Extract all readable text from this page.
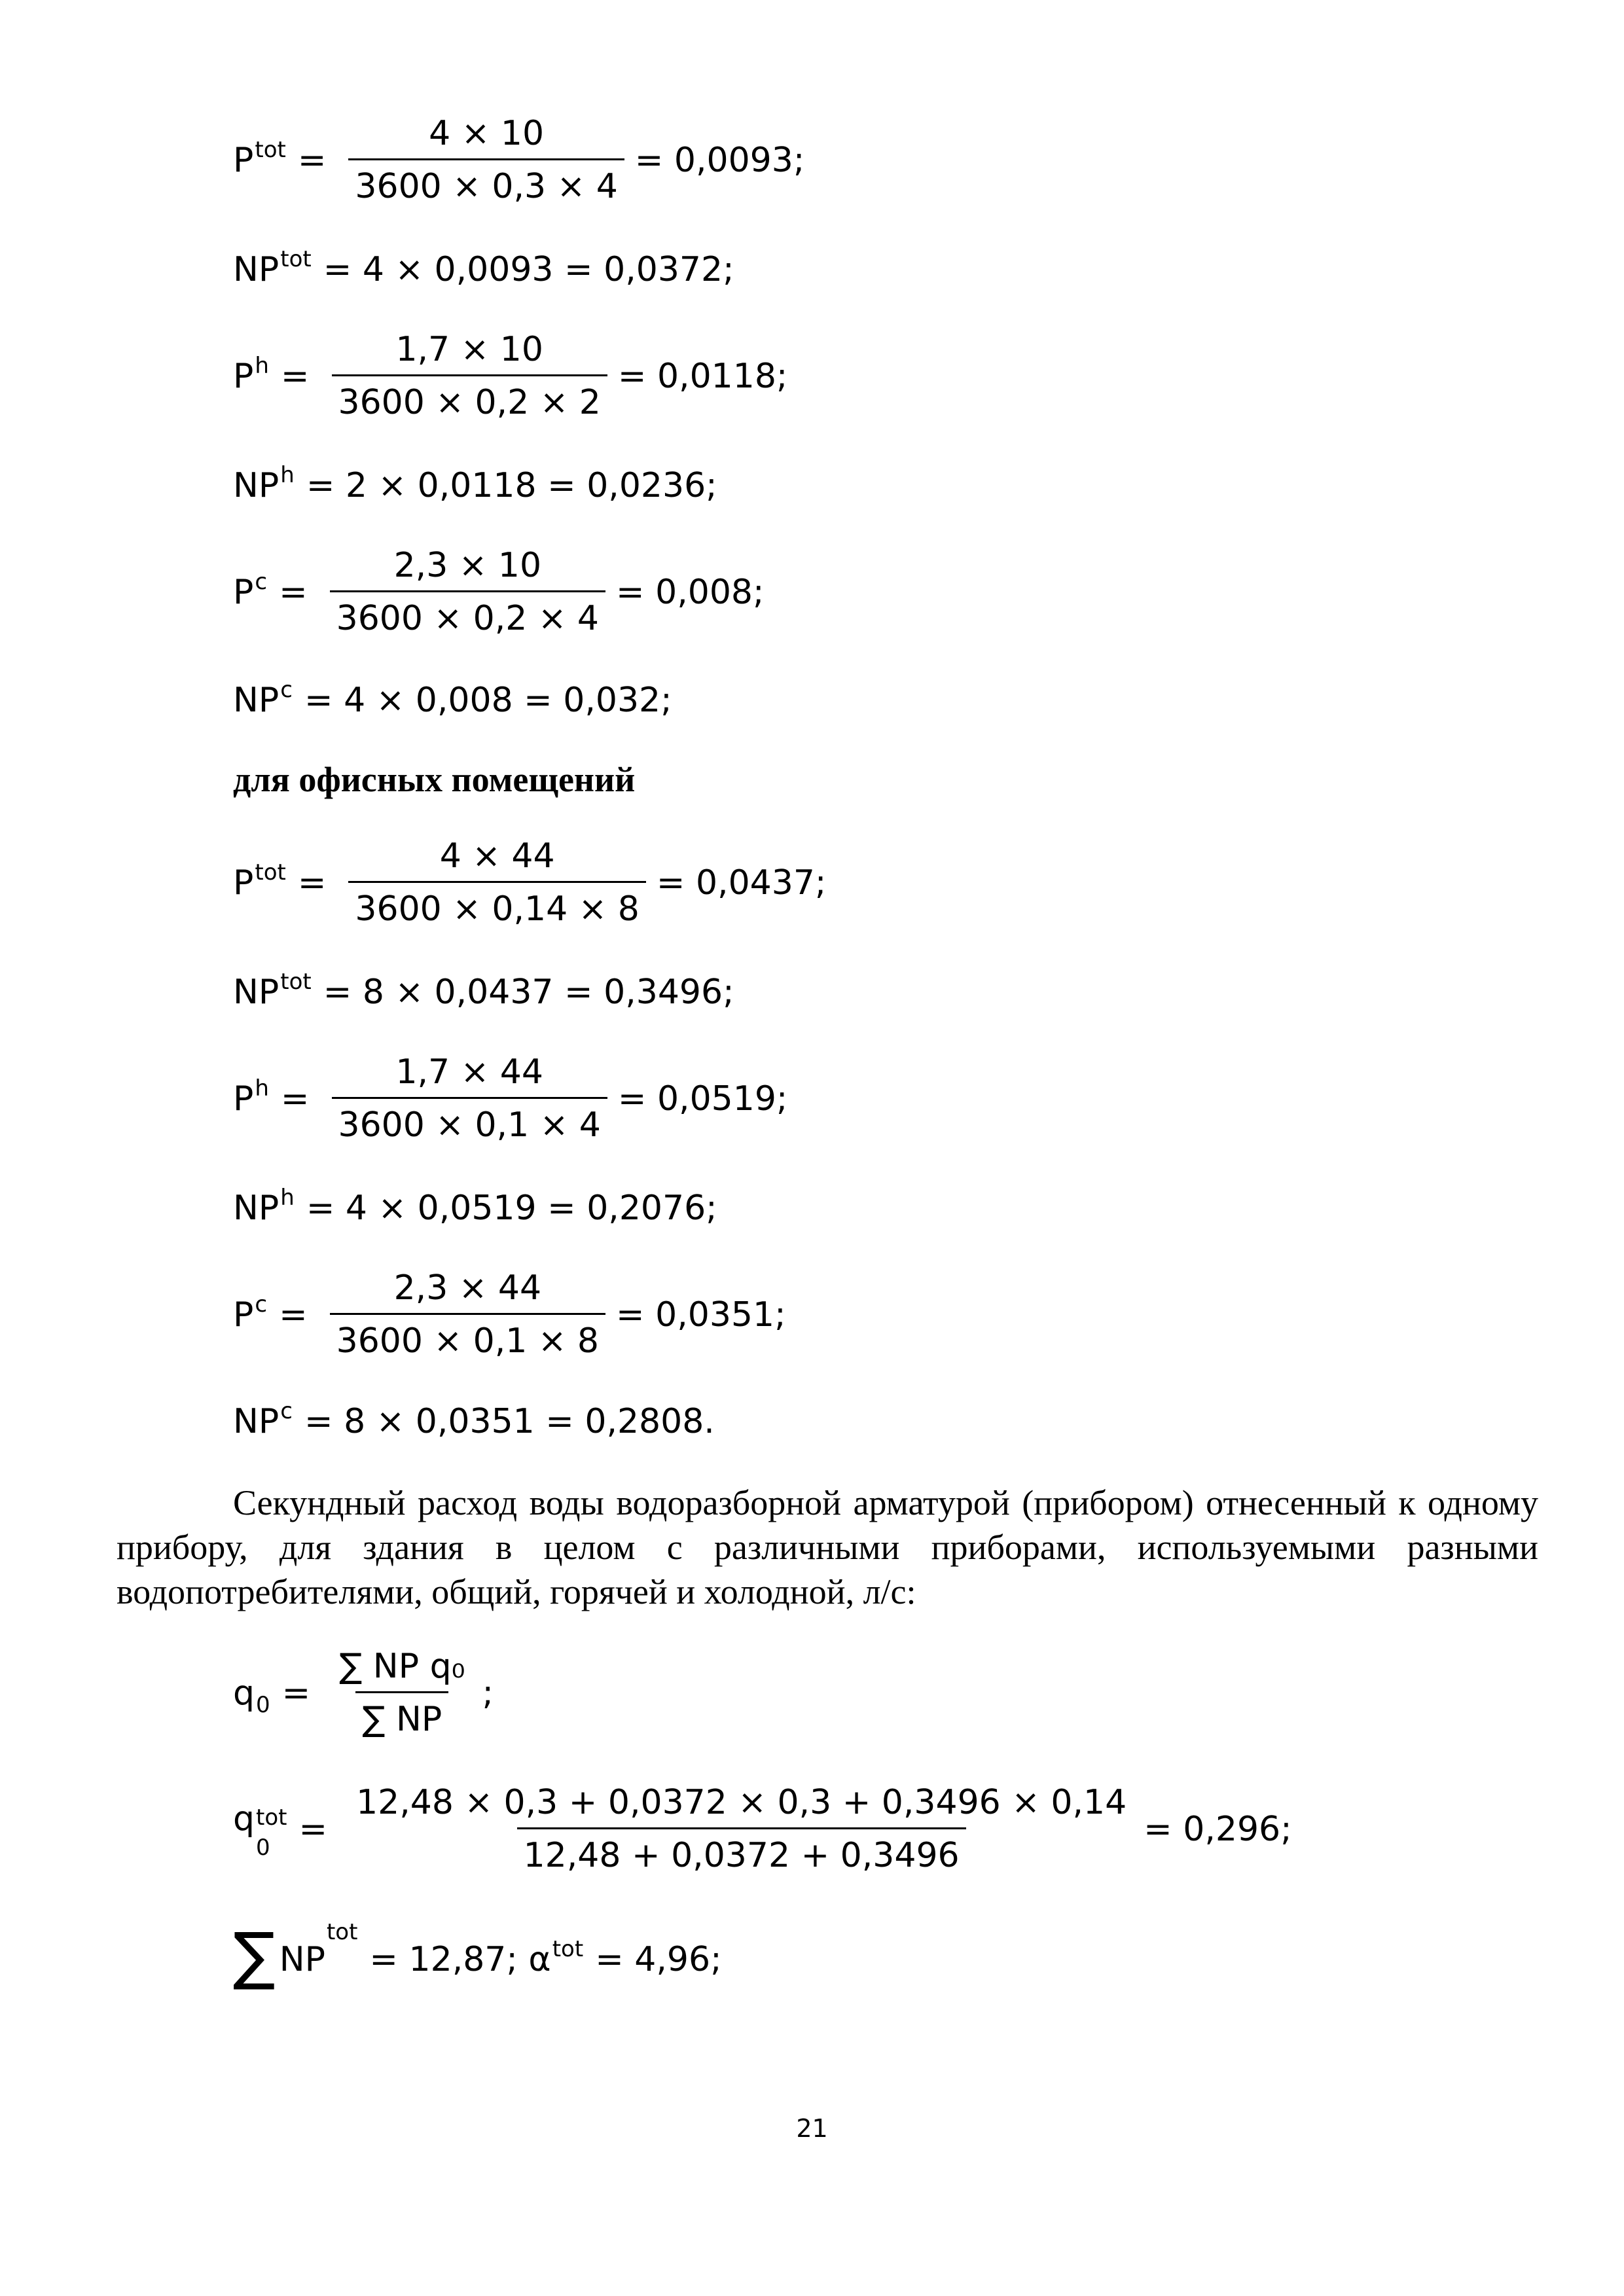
$P^{tot} = \frac{4 \times 10}{3600 \times 0,3 \times 4} = 0,0093$;
$NP^{tot} = 4 \times 0,0093 = 0,0372$;
$P^h = \frac{1,7 \times 10}{3600 \times 0,2 \times 2} = 0,0118$;
$NP^h = 2 \times 0,0118 = 0,0236$;
$P^c = \frac{2,3 \times 10}{3600 \times 0,2 \times 4} = 0,008$;
$NP^c = 4 \times 0,008 = 0,032$;
для офисных помещений
$P^{tot} = \frac{4 \times 44}{3600 \times 0,14 \times 8} = 0,0437$;
$NP^{tot} = 8 \times 0,0437 = 0,3496$;
$P^h = \frac{1,7 \times 44}{3600 \times 0,1 \times 4} = 0,0519$;
$NP^h = 4 \times 0,0519 = 0,2076$;
$P^c = \frac{2,3 \times 44}{3600 \times 0,1 \times 8} = 0,0351$;
$NP^c = 8 \times 0,0351 = 0,2808$.
Секундный расход воды водоразборной арматурой (прибором) отнесенный к одному прибору, для здания в целом с различными приборами, используемыми разными водопотребителями, общий, горячей и холодной, л/с:
$q_0 = \frac{\text{∑ NP q₀}}{\sum NP}$ ;
q tot
$0 = \frac{12,48 \times 0,3 + 0,0372 \times 0,3 + 0,3496 \times 0,14}{12,48 + 0,0372 + 0,3496} = 0,296$;
∑ NP
$^{tot}$
= 12,87; $\alpha^{tot} = 4,96$;
21
